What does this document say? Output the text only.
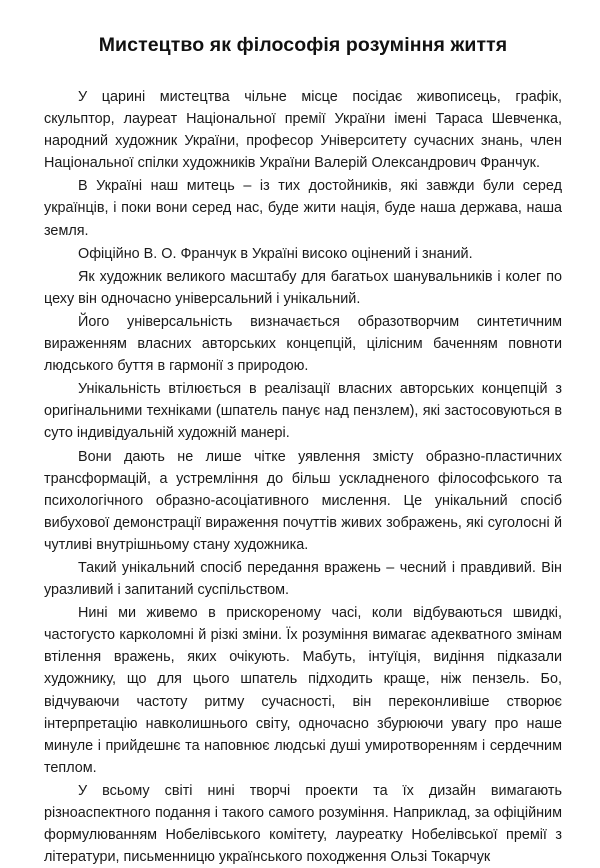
Мистецтво як філософія розуміння життя

У царині мистецтва чільне місце посідає живописець, графік, скульптор, лауреат Національної премії України імені Тараса Шевченка, народний художник України, професор Університету сучасних знань, член Національної спілки художників України Валерій Олександрович Франчук.

В Україні наш митець – із тих достойників, які завжди були серед українців, і поки вони серед нас, буде жити нація, буде наша держава, наша земля.

Офіційно В. О. Франчук в Україні високо оцінений і знаний.

Як художник великого масштабу для багатьох шанувальників і колег по цеху він одночасно універсальний і унікальний.

Його універсальність визначається образотворчим синтетичним вираженням власних авторських концепцій, цілісним баченням повноти людського буття в гармонії з природою.

Унікальність втілюється в реалізації власних авторських концепцій з оригінальними техніками (шпатель панує над пензлем), які застосовуються в суто індивідуальній художній манері.

Вони дають не лише чітке уявлення змісту образно-пластичних трансформацій, а устремління до більш ускладненого філософського та психологічного образно-асоціативного мислення. Це унікальний спосіб вибухової демонстрації вираження почуттів живих зображень, які суголосні й чутливі внутрішньому стану художника.

Такий унікальний спосіб передання вражень – чесний і правдивий. Він уразливий і запитаний суспільством.

Нині ми живемо в прискореному часі, коли відбуваються швидкі, частогусто карколомні й різкі зміни. Їх розуміння вимагає адекватного змінам втілення вражень, яких очікують. Мабуть, інтуїція, видіння підказали художнику, що для цього шпатель підходить краще, ніж пензель. Бо, відчуваючи частоту ритму сучасності, він переконливіше створює інтерпретацію навколишнього світу, одночасно збурюючи увагу про наше минуле і прийдешнє та наповнює людські душі умиротворенням і сердечним теплом.

У всьому світі нині творчі проекти та їх дизайн вимагають різноаспектного подання і такого самого розуміння. Наприклад, за офіційним формулюванням Нобелівського комітету, лауреатку Нобелівської премії з літератури, письменницю українського походження Ользі Токарчук
